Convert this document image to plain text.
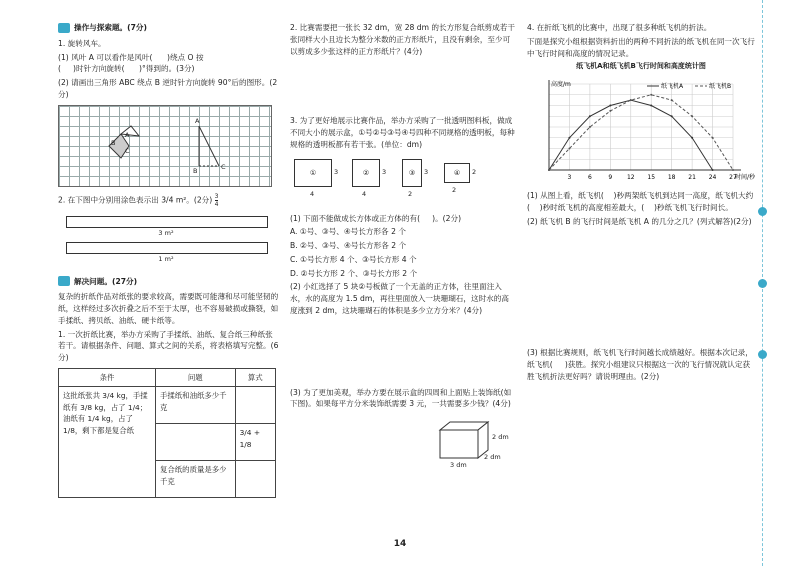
操作与探索题。(7分)

1. 旋转风车。

(1) 风叶 A 可以看作是风叶( )绕点 O 按
( )时针方向旋转( )°得到的。(3分)

(2) 请画出三角形 ABC 绕点 B 逆时针方向旋转 90°后的图形。(2分)

B
A
C
A
B	C

2. 在下图中分别用涂色表示出 3/4 m²。(2分) $\frac{3}{4}$

3 m²
1 m²
解决问题。(27分)

复杂的折纸作品对纸张的要求较高，需要既可能薄和尽可能坚韧的纸，这样经过多次折叠之后不至于太厚，也不容易破损或撕裂，如手揉纸、拷贝纸、油纸、硬卡纸等。

1. 一次折纸比赛，举办方采购了手揉纸、油纸、复合纸三种纸张若干。请根据条件、问题、算式之间的关系，将表格填写完整。(6分)

条件	问题	算式
这批纸张共 3/4 kg，手揉纸有 3/8 kg，占了 1/4；油纸有 1/4 kg，占了 1/8，剩下都是复合纸	手揉纸和油纸多少千克	
		3/4 + 1/8
	复合纸的质量是多少千克	

2. 比赛需要把一张长 32 dm，宽 28 dm 的长方形复合纸剪成若干张同样大小且边长为整分米数的正方形纸片，且没有剩余，至少可以剪成多少张这样的正方形纸片？(4分)

3. 为了更好地展示比赛作品，举办方采购了一批透明图料板，做成不同大小的展示盒，①号②号③号④号四种不同规格的透明板，每种规格的透明板都有若干张。(单位：dm)

①	3
4
②	3
4
③	3
2
④	2
2

(1) 下面不能做成长方体或正方体的有( )。(2分)

A. ①号、③号、④号长方形各 2 个

B. ②号、③号、④号长方形各 2 个

C. ①号长方形 4 个、③号长方形 4 个

D. ②号长方形 2 个、③号长方形 2 个

(2) 小红选择了 5 块②号板做了一个无盖的正方体，往里面注入水，水的高度为 1.5 dm，再往里面放入一块珊瑚石，这时水的高度涨到 2 dm，这块珊瑚石的体积是多少立方分米？(4分)

(3) 为了更加美观，举办方要在展示盒的四周和上面贴上装饰纸(如下图)。如果每平方分米装饰纸需要 3 元，一共需要多少钱？(4分)

2 dm
2 dm
3 dm

4. 在折纸飞机的比赛中，出现了很多种纸飞机的折法。

下面是探究小组根据资料折出的两种不同折法的纸飞机在同一次飞行中飞行时间和高度的情况记录。

纸飞机A和纸飞机B飞行时间和高度统计图
3	6	9 12 15 18 21 24 27
高度/m
时间/秒
纸飞机A	纸飞机B

(1) 从图上看，纸飞机( )秒两架纸飞机到达同一高度，纸飞机大约( )秒时纸飞机的高度相差最大，( )秒纸飞机飞行时间长。

(2) 纸飞机 B 的飞行时间是纸飞机 A 的几分之几？(列式解答)(2分)

(3) 根据比赛规则，纸飞机飞行时间越长成绩越好。根据本次记录，纸飞机( )获胜。探究小组建议只根据这一次的飞行情况就认定获胜飞机折法更好吗？请说明理由。(2分)

14
